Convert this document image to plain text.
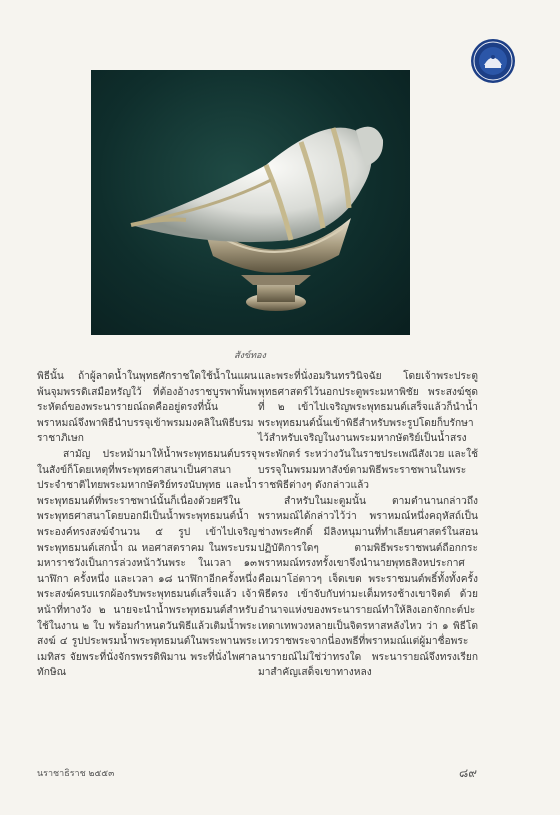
สังข์ทอง

พิธีนั้น ถ้าผู้ลาดน้ำในพุทธศักราชใดใช้น้ำในแผนพ้นจุมพรรดิเสมือหรัญใว้ ที่ต้องอ้างราชบูรพาพั้นพระหัตถ์ของพระนารายณ์ถดคืออยู่ตรงที่นั้นพราหมณ์จึงพาพิธีนำบรรจุเข้าพรมมงคลิในพิธีบรมราชาภิเษก

สามัญ ประหม้ามาให้น้ำพระพุทธมนต์บรรจุในสังข์ก็โดยเหตุที่พระพุทธศาสนาเป็นศาสนาประจำชาติไทยพระมหากษัตริย์ทรงนับพุทธ และน้ำพระพุทธมนต์ที่พระราชพาน์นั้นก็เนื่องด้วยศรีในพระพุทธศาสนาโดยบอกมีเป็นน้ำพระพุทธมนต์น้ำพระองค์ทรงสงฆ์จำนวน ๕ รูป เข้าไปเจริญพระพุทธมนต์เสกน้ำ ณ หอศาสตราคม ในพระบรมมหาราชวังเป็นการล่วงหน้าวันพระ ในเวลา ๑๓ นาฬิกา ครั้งหนึ่ง และเวลา ๑๘ นาฬิกาอีกครั้งหนึ่ง พระสงฆ์ครบแรกผ้องรับพระพุทธมนต์เสร็จแล้ว เจ้าหน้าที่ทางวัง ๒ นายจะนำน้ำพระพุทธมนต์สำหรับใช้ในงาน ๒ ใบ พร้อมกำหนดวันพิธีแล้วเติมน้ำพระสงฆ์ ๔ รูปประพรมน้ำพระพุทธมนต์ในพระพานพระเมทิสร จัยพระที่นั่งจักรพรรดิพิมาน พระที่นั่งไพศาลทักษิณ

และพระที่นั่งอมรินทรวินิจฉัย โดยเจ้าพระประตู พุทธศาสตร์ไว้นอกประตูพระมหาพิชัย พระสงฆ์ชุดที่ ๒ เข้าไปเจริญพระพุทธมนต์เสร็จแล้วก็นำน้ำพระพุทธมนต์นั้นเข้าพิธีสำหรับพระรูปโดยก็บรักษาไว้สำหรับเจริญในงานพระมหากษัตริย์เป็นน้ำสรงพระพักตร์ ระหว่างวันในราชประเพณีสังเวย และใช้บรรจุในพรมมหาสังข์ตามพิธีพระราชพานในพระราชพิธีต่างๆ ดังกล่าวแล้ว

สำหรับในมะตูมนั้น ตามตำนานกล่าวถึงพราหมณ์ได้กล่าวไว้ว่า พราหมณ์หนึ่งคฤหัสถ์เป็นช่างพระศักดิ์ มีลิงหนุมานที่ทำเลียนศาสตร์ในสอนปฏิบัติการใดๆ ตามพิธีพระราชพนต์ถือกกระพราหมณ์ทรงทรั้งเขาจึงนำนายพุทธสิงหประกาศ คือเมาโอ่ตาวๆ เจ็ดเขต พระราชมนต์พธิ์ทั้งทั้งครั้งพิธีตรง เข้าจับกับท่ามะเต็มทรงช้างเขาจิตต์ ด้วยอำนาจแห่งของพระนารายณ์ทำให้ลิงเอกจักกะต์ปะเทดาเทพวงหลายเป็นจิตรหาสหลังไหว ว่า ๑ พิธีโตเทวราชพระจากนี่องพธีที่พราหมณ์แต่ผู้มาชื่อพระนารายณ์ไม่ใช่ว่าทรงใด พระนารายณ์จึงทรงเรียกมาสำคัญเสด็จเขาทางหลง

นราชาธิราช ๒๕๕๓	๘๙
